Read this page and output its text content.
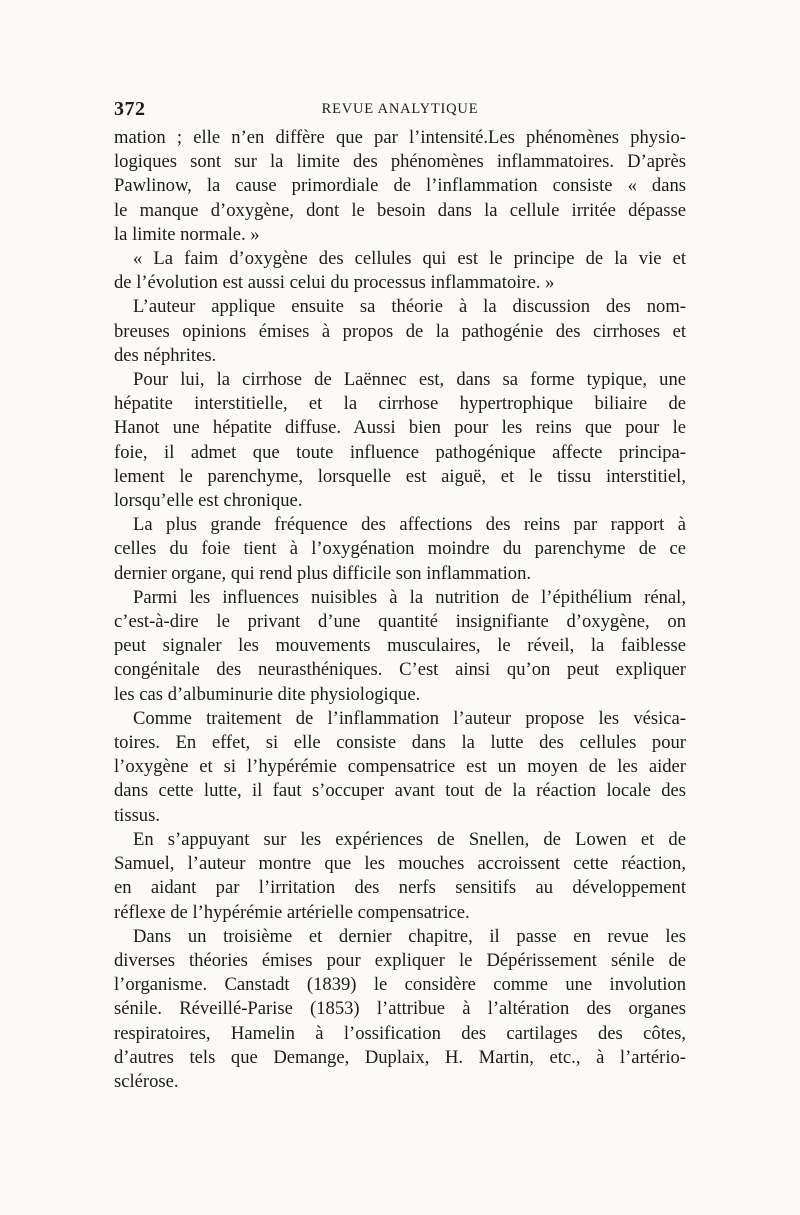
372	REVUE ANALYTIQUE

mation ; elle n’en diffère que par l’intensité.Les phénomènes physio-
logiques sont sur la limite des phénomènes inflammatoires. D’après
Pawlinow, la cause primordiale de l’inflammation consiste « dans
le manque d’oxygène, dont le besoin dans la cellule irritée dépasse
la limite normale. »

« La faim d’oxygène des cellules qui est le principe de la vie et
de l’évolution est aussi celui du processus inflammatoire. »

L’auteur applique ensuite sa théorie à la discussion des nom-
breuses opinions émises à propos de la pathogénie des cirrhoses et
des néphrites.

Pour lui, la cirrhose de Laënnec est, dans sa forme typique, une
hépatite interstitielle, et la cirrhose hypertrophique biliaire de
Hanot une hépatite diffuse. Aussi bien pour les reins que pour le
foie, il admet que toute influence pathogénique affecte principa-
lement le parenchyme, lorsquelle est aiguë, et le tissu interstitiel,
lorsqu’elle est chronique.

La plus grande fréquence des affections des reins par rapport à
celles du foie tient à l’oxygénation moindre du parenchyme de ce
dernier organe, qui rend plus difficile son inflammation.

Parmi les influences nuisibles à la nutrition de l’épithélium rénal,
c’est-à-dire le privant d’une quantité insignifiante d’oxygène, on
peut signaler les mouvements musculaires, le réveil, la faiblesse
congénitale des neurasthéniques. C’est ainsi qu’on peut expliquer
les cas d’albuminurie dite physiologique.

Comme traitement de l’inflammation l’auteur propose les vésica-
toires. En effet, si elle consiste dans la lutte des cellules pour
l’oxygène et si l’hypérémie compensatrice est un moyen de les aider
dans cette lutte, il faut s’occuper avant tout de la réaction locale des
tissus.

En s’appuyant sur les expériences de Snellen, de Lowen et de
Samuel, l’auteur montre que les mouches accroissent cette réaction,
en aidant par l’irritation des nerfs sensitifs au développement
réflexe de l’hypérémie artérielle compensatrice.

Dans un troisième et dernier chapitre, il passe en revue les
diverses théories émises pour expliquer le Dépérissement sénile de
l’organisme. Canstadt (1839) le considère comme une involution
sénile. Réveillé-Parise (1853) l’attribue à l’altération des organes
respiratoires, Hamelin à l’ossification des cartilages des côtes,
d’autres tels que Demange, Duplaix, H. Martin, etc., à l’artério-
sclérose.
